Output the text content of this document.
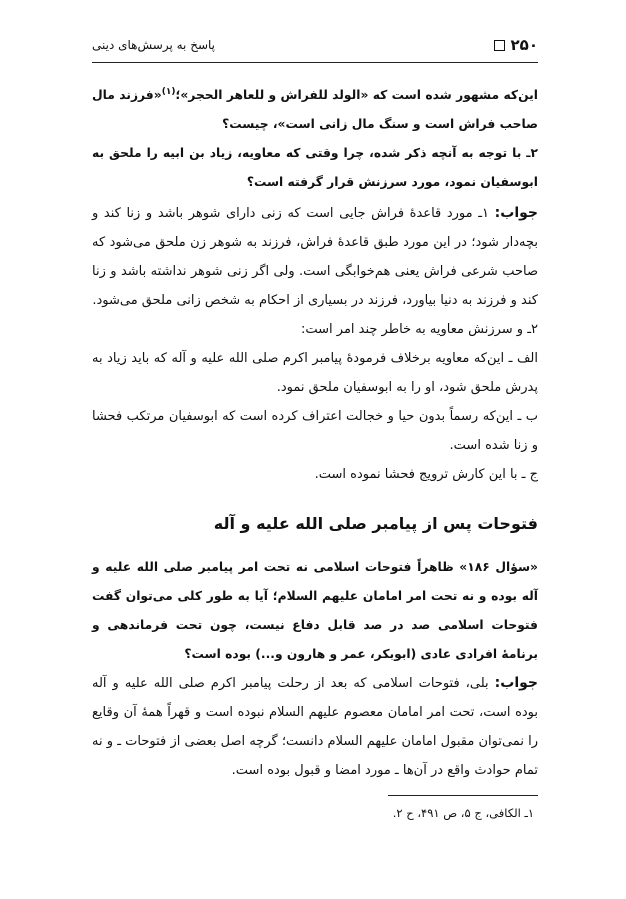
۲۵۰
پاسخ به پرسش‌های دینی

این‌که مشهور شده است که «الولد للفراش و للعاهر الحجر»؛$^{(۱)}$«فرزند مال صاحب فراش است و سنگ مال زانی است»، چیست؟

۲ـ با توجه به آنچه ذکر شده، چرا وقتی که معاویه، زیاد بن ابیه را ملحق به ابوسفیان نمود، مورد سرزنش قرار گرفته است؟

جواب: ۱ـ مورد قاعدهٔ فراش جایی است که زنی دارای شوهر باشد و زنا کند و بچه‌دار شود؛ در این مورد طبق قاعدهٔ فراش، فرزند به شوهر زن ملحق می‌شود که صاحب شرعی فراش یعنی هم‌خوابگی است. ولی اگر زنی شوهر نداشته باشد و زنا کند و فرزند به دنیا بیاورد، فرزند در بسیاری از احکام به شخص زانی ملحق می‌شود.

۲ـ و سرزنش معاویه به خاطر چند امر است:

الف ـ این‌که معاویه برخلاف فرمودهٔ پیامبر اکرم صلی الله علیه و آله که باید زیاد به پدرش ملحق شود، او را به ابوسفیان ملحق نمود.

ب ـ این‌که رسماً بدون حیا و خجالت اعتراف کرده است که ابوسفیان مرتکب فحشا و زنا شده است.

ج ـ با این کارش ترویج فحشا نموده است.

فتوحات پس از پیامبر صلی الله علیه و آله

«سؤال ۱۸۶» ظاهراً فتوحات اسلامی نه تحت امر پیامبر صلی الله علیه و آله بوده و نه تحت امر امامان علیهم السلام؛ آیا به طور کلی می‌توان گفت فتوحات اسلامی صد در صد قابل دفاع نیست، چون تحت فرماندهی و برنامهٔ افرادی عادی (ابوبکر، عمر و هارون و...) بوده است؟

جواب: بلی، فتوحات اسلامی که بعد از رحلت پیامبر اکرم صلی الله علیه و آله بوده است، تحت امر امامان معصوم علیهم السلام نبوده است و قهراً همهٔ آن وقایع را نمی‌توان مقبول امامان علیهم السلام دانست؛ گرچه اصل بعضی از فتوحات ـ و نه تمام حوادث واقع در آن‌ها ـ مورد امضا و قبول بوده است.

۱ـ الکافی، ج ۵، ص ۴۹۱، ح ۲.
